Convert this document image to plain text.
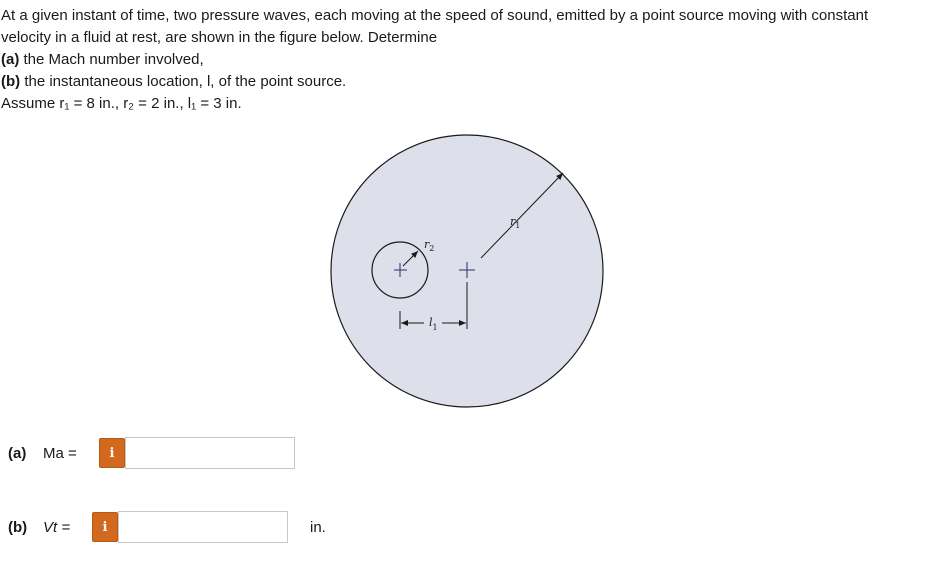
At a given instant of time, two pressure waves, each moving at the speed of sound, emitted by a point source moving with constant velocity in a fluid at rest, are shown in the figure below. Determine

(a) the Mach number involved,

(b) the instantaneous location, l, of the point source.

Assume r₁ = 8 in., r₂ = 2 in., l₁ = 3 in.

$r_1$
$r_2$
$l_1$
(a)	Ma =	i
(b)	Vt =	i	in.
